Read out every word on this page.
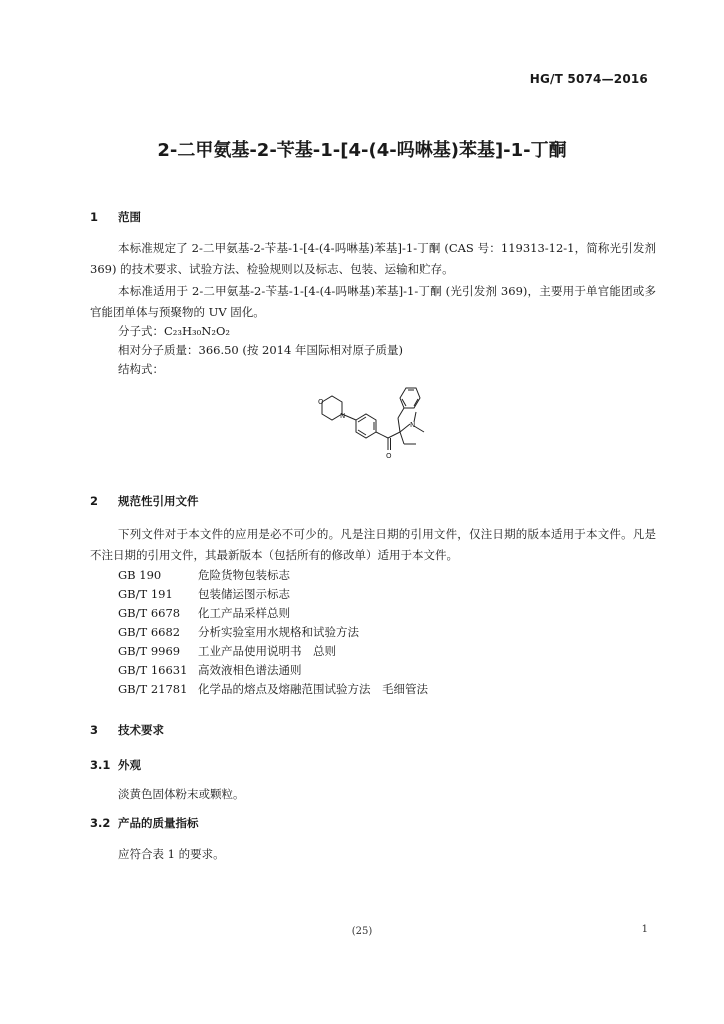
HG/T 5074—2016
2-二甲氨基-2-苄基-1-[4-(4-吗啉基)苯基]-1-丁酮
1 范围

本标准规定了 2-二甲氨基-2-苄基-1-[4-(4-吗啉基)苯基]-1-丁酮 (CAS 号：119313-12-1，简称光引发剂 369) 的技术要求、试验方法、检验规则以及标志、包装、运输和贮存。

本标准适用于 2-二甲氨基-2-苄基-1-[4-(4-吗啉基)苯基]-1-丁酮 (光引发剂 369)，主要用于单官能团或多官能团单体与预聚物的 UV 固化。

分子式：C₂₃H₃₀N₂O₂
相对分子质量：366.50 (按 2014 年国际相对原子质量)
结构式：
O
N
O
N
2 规范性引用文件

下列文件对于本文件的应用是必不可少的。凡是注日期的引用文件，仅注日期的版本适用于本文件。凡是不注日期的引用文件，其最新版本（包括所有的修改单）适用于本文件。

GB 190	危险货物包装标志
GB/T 191 包装储运图示标志
GB/T 6678 化工产品采样总则
GB/T 6682 分析实验室用水规格和试验方法
GB/T 9969 工业产品使用说明书　总则
GB/T 16631 高效液相色谱法通则
GB/T 21781 化学品的熔点及熔融范围试验方法　毛细管法
3 技术要求
3.1 外观
淡黄色固体粉末或颗粒。
3.2 产品的质量指标
应符合表 1 的要求。
(25)	1
